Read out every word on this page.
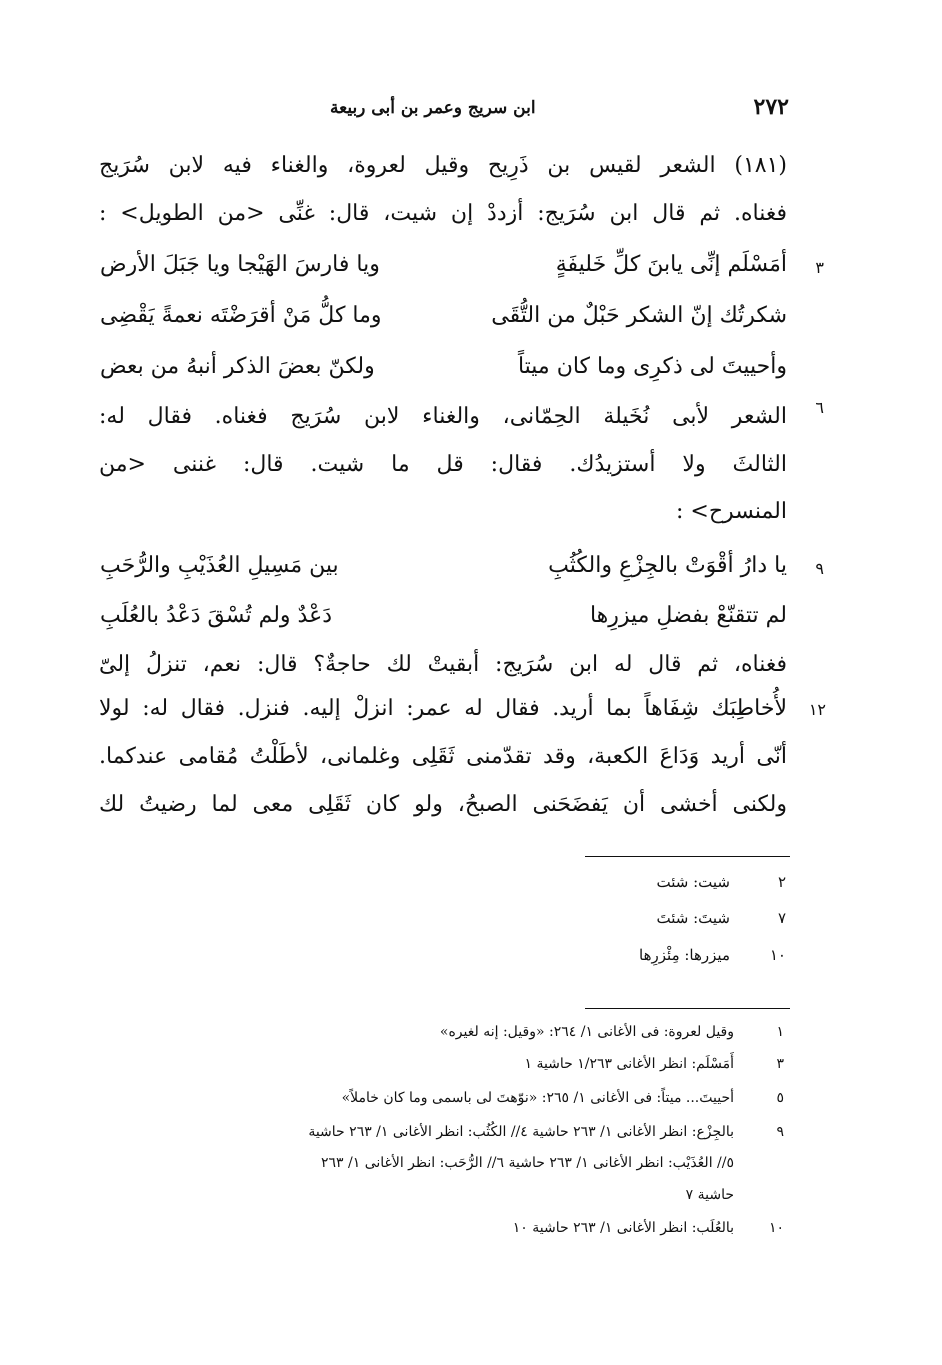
٢٧٢
ابن سريج وعمر بن أبى ربيعة
(١٨١) الشعر لقيس بن ذَرِيح وقيل لعروة، والغناء فيه لابن سُرَيج
فغناه. ثم قال ابن سُرَيج: أزددْ إن شيت، قال: غنِّى <من الطويل> :
٣
أمَسْلَم إنِّى يابنَ كلِّ خَليفَةٍ
ويا فارسَ الهَيْجا ويا جَبَلَ الأرض
شكرتُك إنّ الشكر حَبْلٌ من التُّقَى
وما كلُّ مَنْ أقرَضْتَه نعمةً يَقْضِى
وأحييتَ لى ذكرِى وما كان ميتاً
ولكنّ بعضَ الذكر أنبهُ من بعض
٦
الشعر لأبى نُخَيلة الحِمّانى، والغناء لابن سُرَيج فغناه. فقال له:
الثالثَ ولا أستزيدُك. فقال: قل ما شيت. قال: غننى <من
المنسرح> :
٩
يا دارُ أقْوَتْ بالجِزْعِ والكُثُبِ
بين مَسِيلِ العُذَيْبِ والرُّحَبِ
لم تتقنّعْ بفضلِ ميزرِها
دَعْدٌ ولم تُسْقَ دَعْدُ بالعُلَبِ
فغناه، ثم قال له ابن سُرَيج: أبقيتْ لك حاجةٌ؟ قال: نعم، تنزلُ إلىّ
١٢
لأُخاطِبَك شِفَاهاً بما أريد. فقال له عمر: انزلْ إليه. فنزل. فقال له: لولا
أنّى أريد وَدَاعَ الكعبة، وقد تقدّمنى ثَقَلِى وغلمانى، لأطَلْتُ مُقامى عندكما.
ولكنى أخشى أن يَفضَحَنى الصبحُ، ولو كان ثَقَلِى معى لما رضيتُ لك
٢
شيت: شئت
٧
شيتَ: شئتَ
١٠
ميزرها: مِئْزرِها
١
وقيل لعروة: فى الأغانى ١/ ٢٦٤: «وقيل: إنه لغيره»
٣
أَمَسْلَم: انظر الأغانى ١/٢٦٣ حاشية ١
٥
أحييتَ... ميتاً: فى الأغانى ١/ ٢٦٥: «نوّهتَ لى باسمى وما كان خاملاً»
٩
بالجِزْع: انظر الأغانى ١/ ٢٦٣ حاشية ٤// الكُثُب: انظر الأغانى ١/ ٢٦٣ حاشية
٥// العُذَيْب: انظر الأغانى ١/ ٢٦٣ حاشية ٦// الرُّحَب: انظر الأغانى ١/ ٢٦٣
حاشية ٧
١٠
بالعُلَب: انظر الأغانى ١/ ٢٦٣ حاشية ١٠
